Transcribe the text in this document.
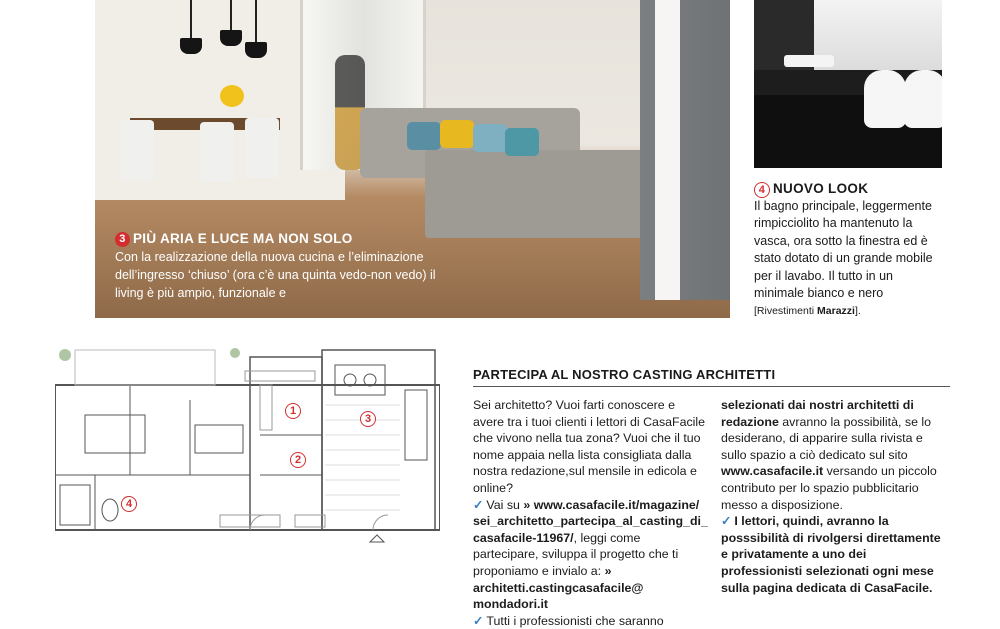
3 PIÙ ARIA E LUCE MA NON SOLO
Con la realizzazione della nuova cucina e l’eliminazione dell’ingresso ‘chiuso’ (ora c’è una quinta vedo-non vedo) il living è più ampio, funzionale e
4 NUOVO LOOK
Il bagno principale, leggermente rimpicciolito ha mantenuto la vasca, ora sotto la finestra ed è stato dotato di un grande mobile per il lavabo. Il tutto in un minimale bianco e nero [Rivestimenti Marazzi].
1
2
3
4
PARTECIPA AL NOSTRO CASTING ARCHITETTI

Sei architetto? Vuoi farti conoscere e avere tra i tuoi clienti i lettori di CasaFacile che vivono nella tua zona? Vuoi che il tuo nome appaia nella lista consigliata dalla nostra redazione,sul mensile in edicola e online?

✓ Vai su » www.casafacile.it/magazine/ sei_architetto_partecipa_al_casting_di_ casafacile-11967/, leggi come partecipare, sviluppa il progetto che ti proponiamo e invialo a: » architetti.castingcasafacile@ mondadori.it

✓ Tutti i professionisti che saranno

selezionati dai nostri architetti di redazione avranno la possibilità, se lo desiderano, di apparire sulla rivista e sullo spazio a ciò dedicato sul sito www.casafacile.it versando un piccolo contributo per lo spazio pubblicitario messo a disposizione.

✓ I lettori, quindi, avranno la posssibilità di rivolgersi direttamente e privatamente a uno dei professionisti selezionati ogni mese sulla pagina dedicata di CasaFacile.
